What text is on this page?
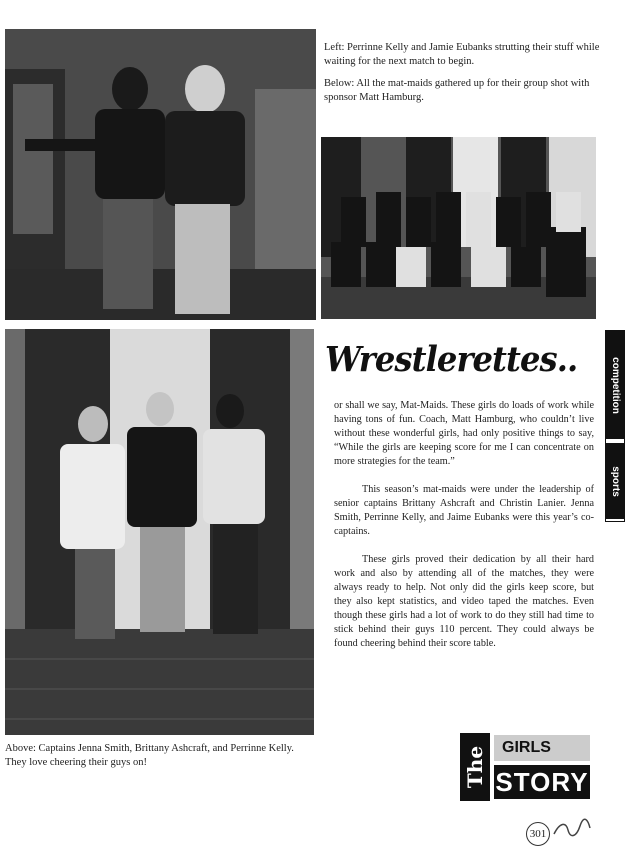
Left: Perrinne Kelly and Jamie Eubanks strutting their stuff while waiting for the next match to begin.

Below: All the mat-maids gathered up for their group shot with sponsor Matt Hamburg.

Above: Captains Jenna Smith, Brittany Ashcraft, and Perrinne Kelly. They love cheering their guys on!
Wrestlerettes..

or shall we say, Mat-Maids. These girls do loads of work while having tons of fun. Coach, Matt Hamburg, who couldn’t live without these wonderful girls, had only positive things to say, “While the girls are keeping score for me I can concentrate on more strategies for the team.”

This season’s mat-maids were under the leadership of senior captains Brittany Ashcraft and Christin Lanier. Jenna Smith, Perrinne Kelly, and Jaime Eubanks were this year’s co-captains.

These girls proved their dedication by all their hard work and also by attending all of the matches, they were always ready to help. Not only did the girls keep score, but they also kept statistics, and video taped the matches. Even though these girls had a lot of work to do they still had time to stick behind their guys 110 percent. They could always be found cheering behind their score table.

competition
sports
The GIRLS
STORY
301
